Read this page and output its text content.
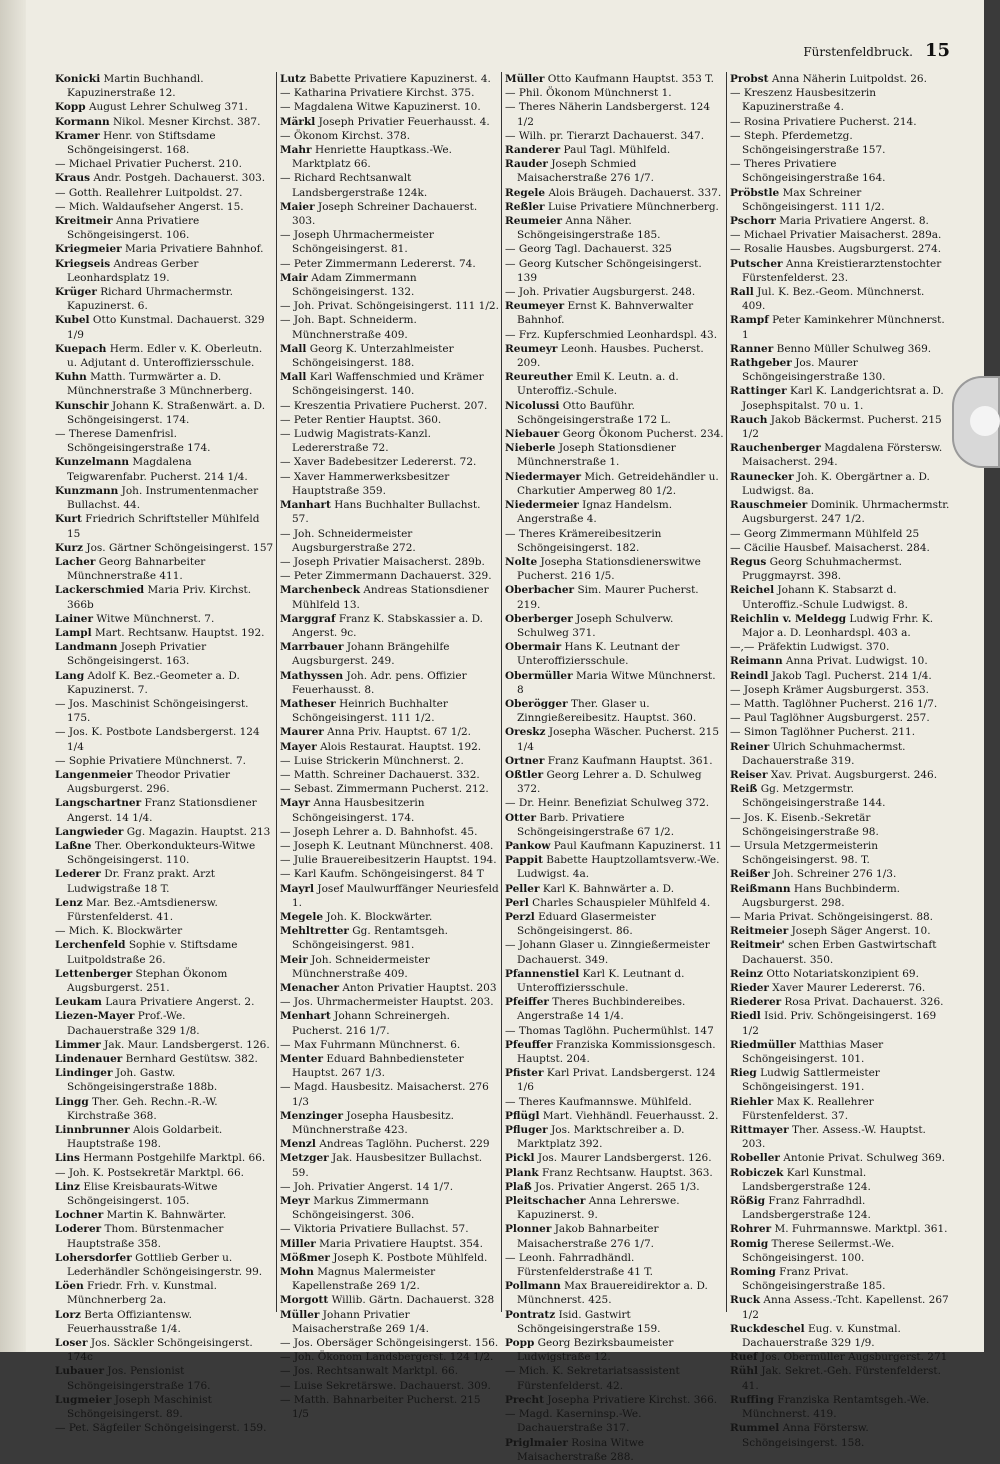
Fürstenfeldbruck. 15

Konicki Martin Buchhandl. Kapuzinerstraße 12.

Kopp August Lehrer Schulweg 371.

Kormann Nikol. Mesner Kirchst. 387.

Kramer Henr. von Stiftsdame Schöngeisingerst. 168.

— Michael Privatier Pucherst. 210.

Kraus Andr. Postgeh. Dachauerst. 303.

— Gotth. Reallehrer Luitpoldst. 27.

— Mich. Waldaufseher Angerst. 15.

Kreitmeir Anna Privatiere Schöngeisingerst. 106.

Kriegmeier Maria Privatiere Bahnhof.

Kriegseis Andreas Gerber Leonhardsplatz 19.

Krüger Richard Uhrmachermstr. Kapuzinerst. 6.

Kubel Otto Kunstmal. Dachauerst. 329 1/9

Kuepach Herm. Edler v. K. Oberleutn. u. Adjutant d. Unteroffiziersschule.

Kuhn Matth. Turmwärter a. D. Münchnerstraße 3 Münchnerberg.

Kunschir Johann K. Straßenwärt. a. D. Schöngeisingerst. 174.

— Therese Damenfrisl. Schöngeisingerstraße 174.

Kunzelmann Magdalena Teigwarenfabr. Pucherst. 214 1/4.

Kunzmann Joh. Instrumentenmacher Bullachst. 44.

Kurt Friedrich Schriftsteller Mühlfeld 15

Kurz Jos. Gärtner Schöngeisingerst. 157

Lacher Georg Bahnarbeiter Münchnerstraße 411.

Lackerschmied Maria Priv. Kirchst. 366b

Lainer Witwe Münchnerst. 7.

Lampl Mart. Rechtsanw. Hauptst. 192.

Landmann Joseph Privatier Schöngeisingerst. 163.

Lang Adolf K. Bez.-Geometer a. D. Kapuzinerst. 7.

— Jos. Maschinist Schöngeisingerst. 175.

— Jos. K. Postbote Landsbergerst. 124 1/4

— Sophie Privatiere Münchnerst. 7.

Langenmeier Theodor Privatier Augsburgerst. 296.

Langschartner Franz Stationsdiener Angerst. 14 1/4.

Langwieder Gg. Magazin. Hauptst. 213

Laßne Ther. Oberkondukteurs-Witwe Schöngeisingerst. 110.

Lederer Dr. Franz prakt. Arzt Ludwigstraße 18 T.

Lenz Mar. Bez.-Amtsdienersw. Fürstenfelderst. 41.

— Mich. K. Blockwärter

Lerchenfeld Sophie v. Stiftsdame Luitpoldstraße 26.

Lettenberger Stephan Ökonom Augsburgerst. 251.

Leukam Laura Privatiere Angerst. 2.

Liezen-Mayer Prof.-We. Dachauerstraße 329 1/8.

Limmer Jak. Maur. Landsbergerst. 126.

Lindenauer Bernhard Gestütsw. 382.

Lindinger Joh. Gastw. Schöngeisingerstraße 188b.

Lingg Ther. Geh. Rechn.-R.-W. Kirchstraße 368.

Linnbrunner Alois Goldarbeit. Hauptstraße 198.

Lins Hermann Postgehilfe Marktpl. 66.

— Joh. K. Postsekretär Marktpl. 66.

Linz Elise Kreisbaurats-Witwe Schöngeisingerst. 105.

Lochner Martin K. Bahnwärter.

Loderer Thom. Bürstenmacher Hauptstraße 358.

Lohersdorfer Gottlieb Gerber u. Lederhändler Schöngeisingerstr. 99.

Löen Friedr. Frh. v. Kunstmal. Münchnerberg 2a.

Lorz Berta Offiziantensw. Feuerhausstraße 1/4.

Loser Jos. Säckler Schöngeisingerst. 174c

Lubauer Jos. Pensionist Schöngeisingerstraße 176.

Lugmeier Joseph Maschinist Schöngeisingerst. 89.

— Pet. Sägfeiler Schöngeisingerst. 159.

Lutz Babette Privatiere Kapuzinerst. 4.

— Katharina Privatiere Kirchst. 375.

— Magdalena Witwe Kapuzinerst. 10.

Märkl Joseph Privatier Feuerhausst. 4.

— Ökonom Kirchst. 378.

Mahr Henriette Hauptkass.-We. Marktplatz 66.

— Richard Rechtsanwalt Landsbergerstraße 124k.

Maier Joseph Schreiner Dachauerst. 303.

— Joseph Uhrmachermeister Schöngeisingerst. 81.

— Peter Zimmermann Ledererst. 74.

Mair Adam Zimmermann Schöngeisingerst. 132.

— Joh. Privat. Schöngeisingerst. 111 1/2.

— Joh. Bapt. Schneiderm. Münchnerstraße 409.

Mall Georg K. Unterzahlmeister Schöngeisingerst. 188.

Mall Karl Waffenschmied und Krämer Schöngeisingerst. 140.

— Kreszentia Privatiere Pucherst. 207.

— Peter Rentier Hauptst. 360.

— Ludwig Magistrats-Kanzl. Ledererstraße 72.

— Xaver Badebesitzer Ledererst. 72.

— Xaver Hammerwerksbesitzer Hauptstraße 359.

Manhart Hans Buchhalter Bullachst. 57.

— Joh. Schneidermeister Augsburgerstraße 272.

— Joseph Privatier Maisacherst. 289b.

— Peter Zimmermann Dachauerst. 329.

Marchenbeck Andreas Stationsdiener Mühlfeld 13.

Marggraf Franz K. Stabskassier a. D. Angerst. 9c.

Marrbauer Johann Brängehilfe Augsburgerst. 249.

Mathyssen Joh. Adr. pens. Offizier Feuerhausst. 8.

Matheser Heinrich Buchhalter Schöngeisingerst. 111 1/2.

Maurer Anna Priv. Hauptst. 67 1/2.

Mayer Alois Restaurat. Hauptst. 192.

— Luise Strickerin Münchnerst. 2.

— Matth. Schreiner Dachauerst. 332.

— Sebast. Zimmermann Pucherst. 212.

Mayr Anna Hausbesitzerin Schöngeisingerst. 174.

— Joseph Lehrer a. D. Bahnhofst. 45.

— Joseph K. Leutnant Münchnerst. 408.

— Julie Brauereibesitzerin Hauptst. 194.

— Karl Kaufm. Schöngeisingerst. 84 T

Mayrl Josef Maulwurffänger Neuriesfeld 1.

Megele Joh. K. Blockwärter.

Mehltretter Gg. Rentamtsgeh. Schöngeisingerst. 981.

Meir Joh. Schneidermeister Münchnerstraße 409.

Menacher Anton Privatier Hauptst. 203

— Jos. Uhrmachermeister Hauptst. 203.

Menhart Johann Schreinergeh. Pucherst. 216 1/7.

— Max Fuhrmann Münchnerst. 6.

Menter Eduard Bahnbediensteter Hauptst. 267 1/3.

— Magd. Hausbesitz. Maisacherst. 276 1/3

Menzinger Josepha Hausbesitz. Münchnerstraße 423.

Menzl Andreas Taglöhn. Pucherst. 229

Metzger Jak. Hausbesitzer Bullachst. 59.

— Joh. Privatier Angerst. 14 1/7.

Meyr Markus Zimmermann Schöngeisingerst. 306.

— Viktoria Privatiere Bullachst. 57.

Miller Maria Privatiere Hauptst. 354.

Mößmer Joseph K. Postbote Mühlfeld.

Mohn Magnus Malermeister Kapellenstraße 269 1/2.

Morgott Willib. Gärtn. Dachauerst. 328

Müller Johann Privatier Maisacherstraße 269 1/4.

— Jos. Obersäger Schöngeisingerst. 156.

— Joh. Ökonom Landsbergerst. 124 1/2.

— Jos. Rechtsanwalt Marktpl. 66.

— Luise Sekretärswe. Dachauerst. 309.

— Matth. Bahnarbeiter Pucherst. 215 1/5

Müller Otto Kaufmann Hauptst. 353 T.

— Phil. Ökonom Münchnerst 1.

— Theres Näherin Landsbergerst. 124 1/2

— Wilh. pr. Tierarzt Dachauerst. 347.

Randerer Paul Tagl. Mühlfeld.

Rauder Joseph Schmied Maisacherstraße 276 1/7.

Regele Alois Bräugeh. Dachauerst. 337.

Reßler Luise Privatiere Münchnerberg.

Reumeier Anna Näher. Schöngeisingerstraße 185.

— Georg Tagl. Dachauerst. 325

— Georg Kutscher Schöngeisingerst. 139

— Joh. Privatier Augsburgerst. 248.

Reumeyer Ernst K. Bahnverwalter Bahnhof.

— Frz. Kupferschmied Leonhardspl. 43.

Reumeyr Leonh. Hausbes. Pucherst. 209.

Reureuther Emil K. Leutn. a. d. Unteroffiz.-Schule.

Nicolussi Otto Bauführ. Schöngeisingerstraße 172 L.

Niebauer Georg Ökonom Pucherst. 234.

Nieberle Joseph Stationsdiener Münchnerstraße 1.

Niedermayer Mich. Getreidehändler u. Charkutier Amperweg 80 1/2.

Niedermeier Ignaz Handelsm. Angerstraße 4.

— Theres Krämereibesitzerin Schöngeisingerst. 182.

Nolte Josepha Stationsdienerswitwe Pucherst. 216 1/5.

Oberbacher Sim. Maurer Pucherst. 219.

Oberberger Joseph Schulverw. Schulweg 371.

Obermair Hans K. Leutnant der Unteroffiziersschule.

Obermüller Maria Witwe Münchnerst. 8

Oberögger Ther. Glaser u. Zinngießereibesitz. Hauptst. 360.

Oreskz Josepha Wäscher. Pucherst. 215 1/4

Ortner Franz Kaufmann Hauptst. 361.

Oßtler Georg Lehrer a. D. Schulweg 372.

— Dr. Heinr. Benefiziat Schulweg 372.

Otter Barb. Privatiere Schöngeisingerstraße 67 1/2.

Pankow Paul Kaufmann Kapuzinerst. 11

Pappit Babette Hauptzollamtsverw.-We. Ludwigst. 4a.

Peller Karl K. Bahnwärter a. D.

Perl Charles Schauspieler Mühlfeld 4.

Perzl Eduard Glasermeister Schöngeisingerst. 86.

— Johann Glaser u. Zinngießermeister Dachauerst. 349.

Pfannenstiel Karl K. Leutnant d. Unteroffiziersschule.

Pfeiffer Theres Buchbindereibes. Angerstraße 14 1/4.

— Thomas Taglöhn. Puchermühlst. 147

Pfeuffer Franziska Kommissionsgesch. Hauptst. 204.

Pfister Karl Privat. Landsbergerst. 124 1/6

— Theres Kaufmannswe. Mühlfeld.

Pflügl Mart. Viehhändl. Feuerhausst. 2.

Pfluger Jos. Marktschreiber a. D. Marktplatz 392.

Pickl Jos. Maurer Landsbergerst. 126.

Plank Franz Rechtsanw. Hauptst. 363.

Plaß Jos. Privatier Angerst. 265 1/3.

Pleitschacher Anna Lehrerswe. Kapuzinerst. 9.

Plonner Jakob Bahnarbeiter Maisacherstraße 276 1/7.

— Leonh. Fahrradhändl. Fürstenfelderstraße 41 T.

Pollmann Max Brauereidirektor a. D. Münchnerst. 425.

Pontratz Isid. Gastwirt Schöngeisingerstraße 159.

Popp Georg Bezirksbaumeister Ludwigstraße 12.

— Mich. K. Sekretariatsassistent Fürstenfelderst. 42.

Precht Josepha Privatiere Kirchst. 366.

— Magd. Kaserninsp.-We. Dachauerstraße 317.

Priglmaier Rosina Witwe Maisacherstraße 288.

Probst Anna Näherin Luitpoldst. 26.

— Kreszenz Hausbesitzerin Kapuzinerstraße 4.

— Rosina Privatiere Pucherst. 214.

— Steph. Pferdemetzg. Schöngeisingerstraße 157.

— Theres Privatiere Schöngeisingerstraße 164.

Pröbstle Max Schreiner Schöngeisingerst. 111 1/2.

Pschorr Maria Privatiere Angerst. 8.

— Michael Privatier Maisacherst. 289a.

— Rosalie Hausbes. Augsburgerst. 274.

Putscher Anna Kreistierarztenstochter Fürstenfelderst. 23.

Rall Jul. K. Bez.-Geom. Münchnerst. 409.

Rampf Peter Kaminkehrer Münchnerst. 1

Ranner Benno Müller Schulweg 369.

Rathgeber Jos. Maurer Schöngeisingerstraße 130.

Rattinger Karl K. Landgerichtsrat a. D. Josephspitalst. 70 u. 1.

Rauch Jakob Bäckermst. Pucherst. 215 1/2

Rauchenberger Magdalena Förstersw. Maisacherst. 294.

Raunecker Joh. K. Obergärtner a. D. Ludwigst. 8a.

Rauschmeier Dominik. Uhrmachermstr. Augsburgerst. 247 1/2.

— Georg Zimmermann Mühlfeld 25

— Cäcilie Hausbef. Maisacherst. 284.

Regus Georg Schuhmachermst. Pruggmayrst. 398.

Reichel Johann K. Stabsarzt d. Unteroffiz.-Schule Ludwigst. 8.

Reichlin v. Meldegg Ludwig Frhr. K. Major a. D. Leonhardspl. 403 a.

—,— Präfektin Ludwigst. 370.

Reimann Anna Privat. Ludwigst. 10.

Reindl Jakob Tagl. Pucherst. 214 1/4.

— Joseph Krämer Augsburgerst. 353.

— Matth. Taglöhner Pucherst. 216 1/7.

— Paul Taglöhner Augsburgerst. 257.

— Simon Taglöhner Pucherst. 211.

Reiner Ulrich Schuhmachermst. Dachauerstraße 319.

Reiser Xav. Privat. Augsburgerst. 246.

Reiß Gg. Metzgermstr. Schöngeisingerstraße 144.

— Jos. K. Eisenb.-Sekretär Schöngeisingerstraße 98.

— Ursula Metzgermeisterin Schöngeisingerst. 98. T.

Reißer Joh. Schreiner 276 1/3.

Reißmann Hans Buchbinderm. Augsburgerst. 298.

— Maria Privat. Schöngeisingerst. 88.

Reitmeier Joseph Säger Angerst. 10.

Reitmeir' schen Erben Gastwirtschaft Dachauerst. 350.

Reinz Otto Notariatskonzipient 69.

Rieder Xaver Maurer Ledererst. 76.

Riederer Rosa Privat. Dachauerst. 326.

Riedl Isid. Priv. Schöngeisingerst. 169 1/2

Riedmüller Matthias Maser Schöngeisingerst. 101.

Rieg Ludwig Sattlermeister Schöngeisingerst. 191.

Riehler Max K. Reallehrer Fürstenfelderst. 37.

Rittmayer Ther. Assess.-W. Hauptst. 203.

Robeller Antonie Privat. Schulweg 369.

Robiczek Karl Kunstmal. Landsbergerstraße 124.

Rößig Franz Fahrradhdl. Landsbergerstraße 124.

Rohrer M. Fuhrmannswe. Marktpl. 361.

Romig Therese Seilermst.-We. Schöngeisingerst. 100.

Roming Franz Privat. Schöngeisingerstraße 185.

Ruck Anna Assess.-Tcht. Kapellenst. 267 1/2

Ruckdeschel Eug. v. Kunstmal. Dachauerstraße 329 1/9.

Ruef Jos. Obermüller Augsburgerst. 271

Rühl Jak. Sekret.-Geh. Fürstenfelderst. 41.

Ruffing Franziska Rentamtsgeh.-We. Münchnerst. 419.

Rummel Anna Förstersw. Schöngeisingerst. 158.
